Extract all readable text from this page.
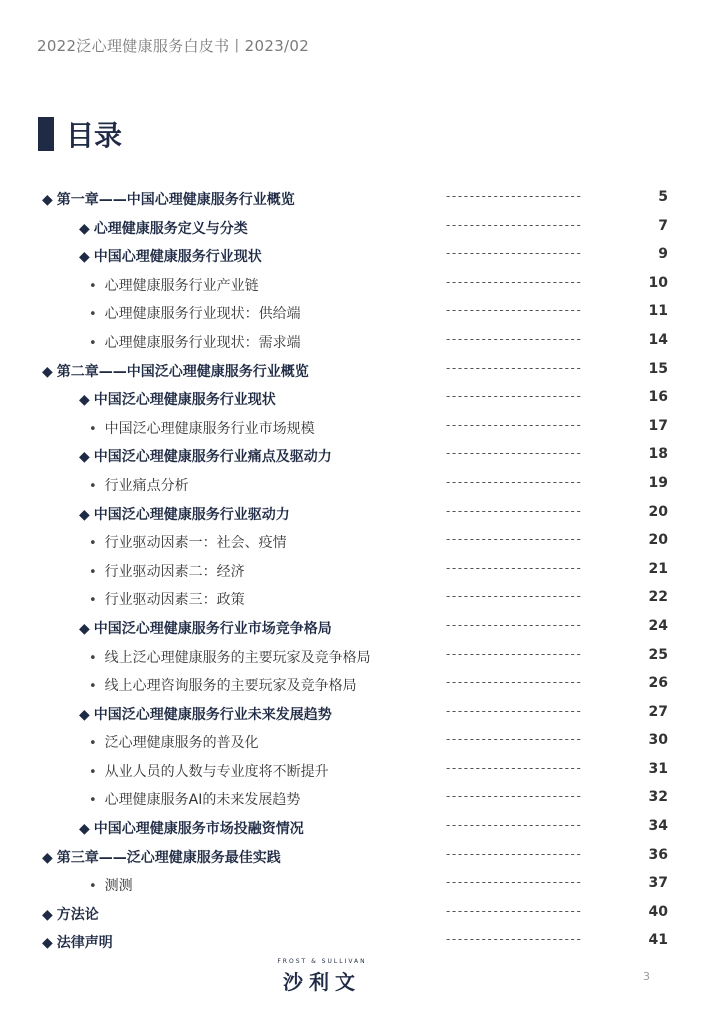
2022泛心理健康服务白皮书丨2023/02
目录
◆ 第一章——中国心理健康服务行业概览	-----------------------	5
◆ 心理健康服务定义与分类	-----------------------	7
◆ 中国心理健康服务行业现状	-----------------------	9
• 心理健康服务行业产业链	-----------------------	10
• 心理健康服务行业现状：供给端	-----------------------	11
• 心理健康服务行业现状：需求端	-----------------------	14
◆ 第二章——中国泛心理健康服务行业概览	-----------------------	15
◆ 中国泛心理健康服务行业现状	-----------------------	16
• 中国泛心理健康服务行业市场规模	-----------------------	17
◆ 中国泛心理健康服务行业痛点及驱动力	-----------------------	18
• 行业痛点分析	-----------------------	19
◆ 中国泛心理健康服务行业驱动力	-----------------------	20
• 行业驱动因素一：社会、疫情	-----------------------	20
• 行业驱动因素二：经济	-----------------------	21
• 行业驱动因素三：政策	-----------------------	22
◆ 中国泛心理健康服务行业市场竞争格局	-----------------------	24
• 线上泛心理健康服务的主要玩家及竞争格局	-----------------------	25
• 线上心理咨询服务的主要玩家及竞争格局	-----------------------	26
◆ 中国泛心理健康服务行业未来发展趋势	-----------------------	27
• 泛心理健康服务的普及化	-----------------------	30
• 从业人员的人数与专业度将不断提升	-----------------------	31
• 心理健康服务AI的未来发展趋势	-----------------------	32
◆ 中国心理健康服务市场投融资情况	-----------------------	34
◆ 第三章——泛心理健康服务最佳实践	-----------------------	36
• 测测	-----------------------	37
◆ 方法论	-----------------------	40
◆ 法律声明	-----------------------	41
FROST & SULLIVAN
沙利文	3
